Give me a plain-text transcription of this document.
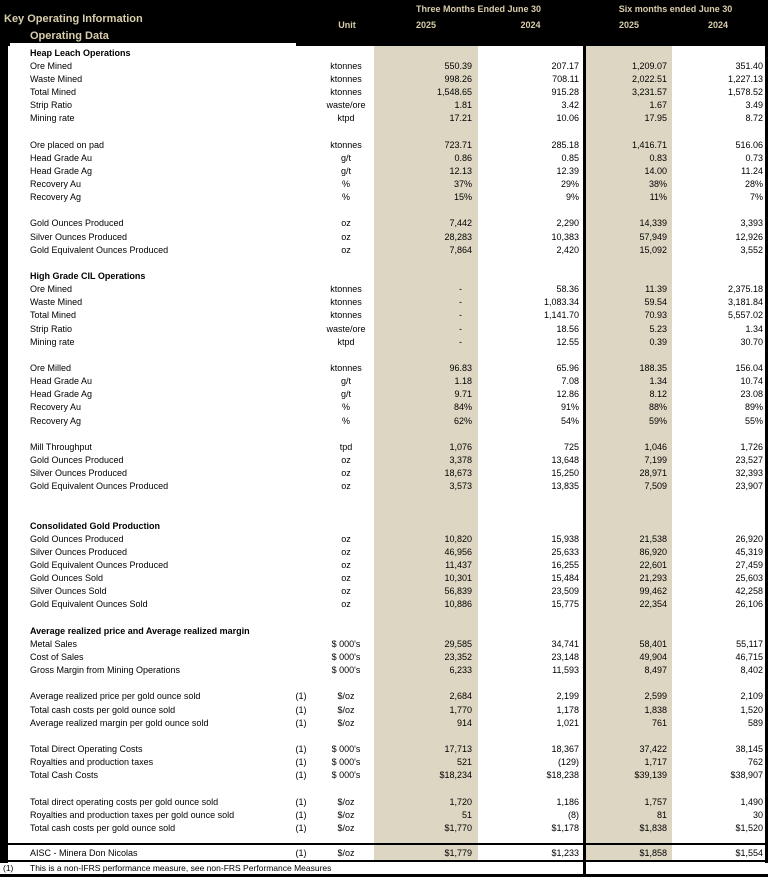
Key Operating Information
Operating Data
Unit
Three Months Ended June 30	Six months ended June 30
2025	2024	2025	2024
Heap Leach Operations
Ore Mined	ktonnes	550.39	207.17	1,209.07	351.40
Waste Mined	ktonnes	998.26	708.11	2,022.51	1,227.13
Total Mined	ktonnes	1,548.65	915.28	3,231.57	1,578.52
Strip Ratio	waste/ore	1.81	3.42	1.67	3.49
Mining rate	ktpd	17.21	10.06	17.95	8.72
Ore placed on pad	ktonnes	723.71	285.18	1,416.71	516.06
Head Grade Au	g/t	0.86	0.85	0.83	0.73
Head Grade Ag	g/t	12.13	12.39	14.00	11.24
Recovery Au	%	37%	29%	38%	28%
Recovery Ag	%	15%	9%	11%	7%
Gold Ounces Produced	oz	7,442	2,290	14,339	3,393
Silver Ounces Produced	oz	28,283	10,383	57,949	12,926
Gold Equivalent Ounces Produced	oz	7,864	2,420	15,092	3,552
High Grade CIL Operations
Ore Mined	ktonnes	-	58.36	11.39	2,375.18
Waste Mined	ktonnes	-	1,083.34	59.54	3,181.84
Total Mined	ktonnes	-	1,141.70	70.93	5,557.02
Strip Ratio	waste/ore	-	18.56	5.23	1.34
Mining rate	ktpd	-	12.55	0.39	30.70
Ore Milled	ktonnes	96.83	65.96	188.35	156.04
Head Grade Au	g/t	1.18	7.08	1.34	10.74
Head Grade Ag	g/t	9.71	12.86	8.12	23.08
Recovery Au	%	84%	91%	88%	89%
Recovery Ag	%	62%	54%	59%	55%
Mill Throughput	tpd	1,076	725	1,046	1,726
Gold Ounces Produced	oz	3,378	13,648	7,199	23,527
Silver Ounces Produced	oz	18,673	15,250	28,971	32,393
Gold Equivalent Ounces Produced	oz	3,573	13,835	7,509	23,907
Consolidated Gold Production
Gold Ounces Produced	oz	10,820	15,938	21,538	26,920
Silver Ounces Produced	oz	46,956	25,633	86,920	45,319
Gold Equivalent Ounces Produced	oz	11,437	16,255	22,601	27,459
Gold Ounces Sold	oz	10,301	15,484	21,293	25,603
Silver Ounces Sold	oz	56,839	23,509	99,462	42,258
Gold Equivalent Ounces Sold	oz	10,886	15,775	22,354	26,106
Average realized price and Average realized margin
Metal Sales	$ 000's	29,585	34,741	58,401	55,117
Cost of Sales	$ 000's	23,352	23,148	49,904	46,715
Gross Margin from Mining Operations	$ 000's	6,233	11,593	8,497	8,402
Average realized price per gold ounce sold	(1)	$/oz	2,684	2,199	2,599	2,109
Total cash costs per gold ounce sold	(1)	$/oz	1,770	1,178	1,838	1,520
Average realized margin per gold ounce sold	(1)	$/oz	914	1,021	761	589
Total Direct Operating Costs	(1)	$ 000's	17,713	18,367	37,422	38,145
Royalties and production taxes	(1)	$ 000's	521	(129)	1,717	762
Total Cash Costs	(1)	$ 000's	$18,234	$18,238	$39,139	$38,907
Total direct operating costs per gold ounce sold	(1)	$/oz	1,720	1,186	1,757	1,490
Royalties and production taxes per gold ounce sold	(1)	$/oz	51	(8)	81	30
Total cash costs per gold ounce sold	(1)	$/oz	$1,770	$1,178	$1,838	$1,520
AISC - Minera Don Nicolas	(1)	$/oz	$1,779	$1,233	$1,858	$1,554
(1) This is a non-IFRS performance measure, see non-FRS Performance Measures
